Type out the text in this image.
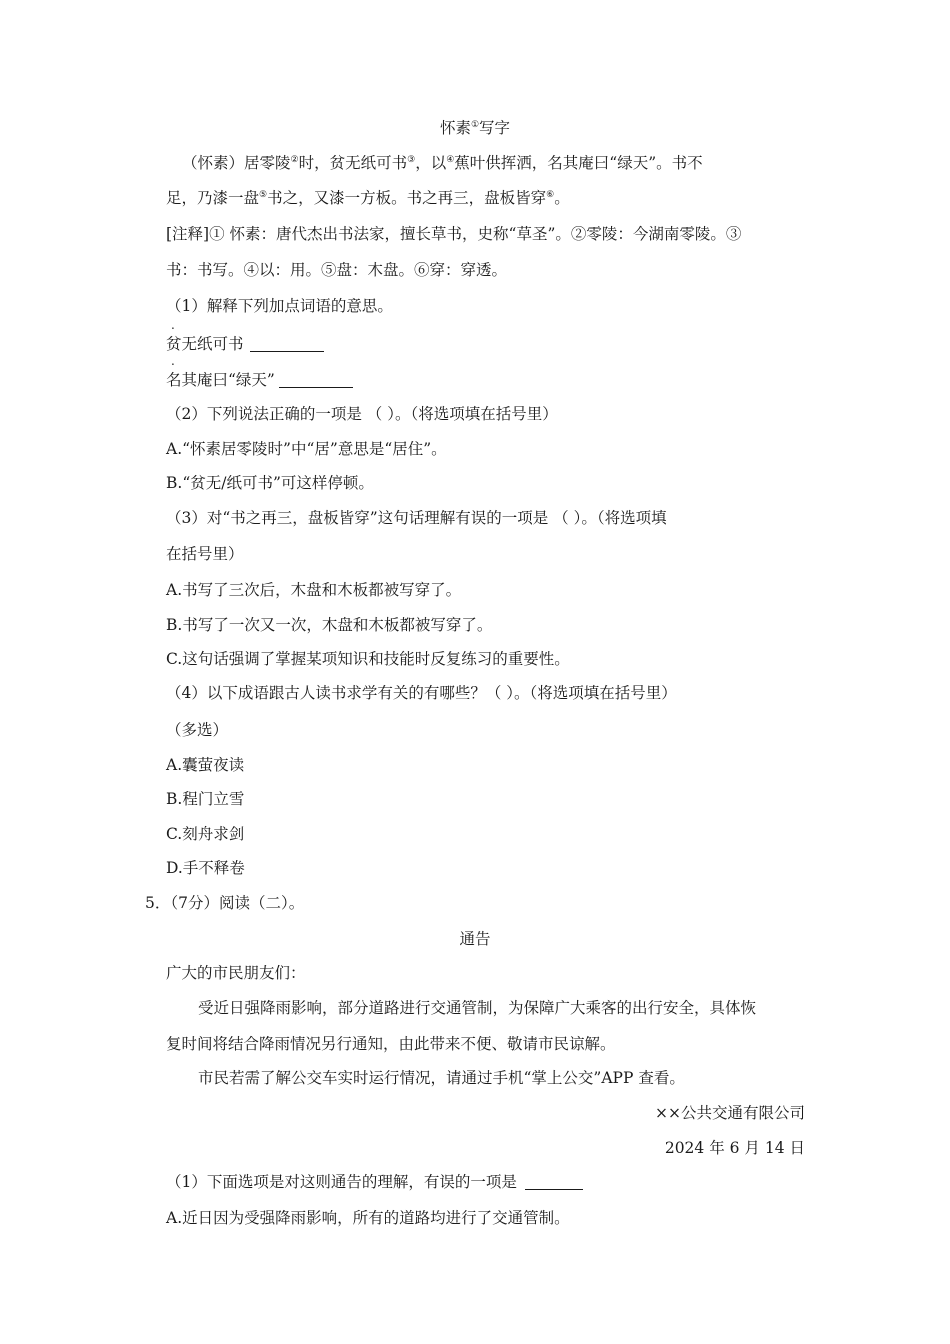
怀素①写字
（怀素）居零陵②时，贫无纸可书③，以④蕉叶供挥洒，名其庵曰“绿天”。书不
足，乃漆一盘⑤书之，又漆一方板。书之再三，盘板皆穿⑥。
[注释]① 怀素：唐代杰出书法家，擅长草书，史称“草圣”。②零陵：今湖南零陵。③
书：书写。④以：用。⑤盘：木盘。⑥穿：穿透。
（1）解释下列加点词语的意思。
.
贫无纸可书
.
名其庵曰“绿天”
（2）下列说法正确的一项是 （ ）。（将选项填在括号里）
A.“怀素居零陵时”中“居”意思是“居住”。
B.“贫无/纸可书”可这样停顿。
（3）对“书之再三，盘板皆穿”这句话理解有误的一项是 （ ）。（将选项填
在括号里）
A.书写了三次后，木盘和木板都被写穿了。
B.书写了一次又一次，木盘和木板都被写穿了。
C.这句话强调了掌握某项知识和技能时反复练习的重要性。
（4）以下成语跟古人读书求学有关的有哪些？（ ）。（将选项填在括号里）
（多选）
A.囊萤夜读
B.程门立雪
C.刻舟求剑
D.手不释卷
5．（7分）阅读（二）。
通告
广大的市民朋友们：
受近日强降雨影响，部分道路进行交通管制，为保障广大乘客的出行安全，具体恢
复时间将结合降雨情况另行通知，由此带来不便、敬请市民谅解。
市民若需了解公交车实时运行情况，请通过手机“掌上公交”APP 查看。
××公共交通有限公司
2024 年 6 月 14 日
（1）下面选项是对这则通告的理解，有误的一项是
A.近日因为受强降雨影响，所有的道路均进行了交通管制。
